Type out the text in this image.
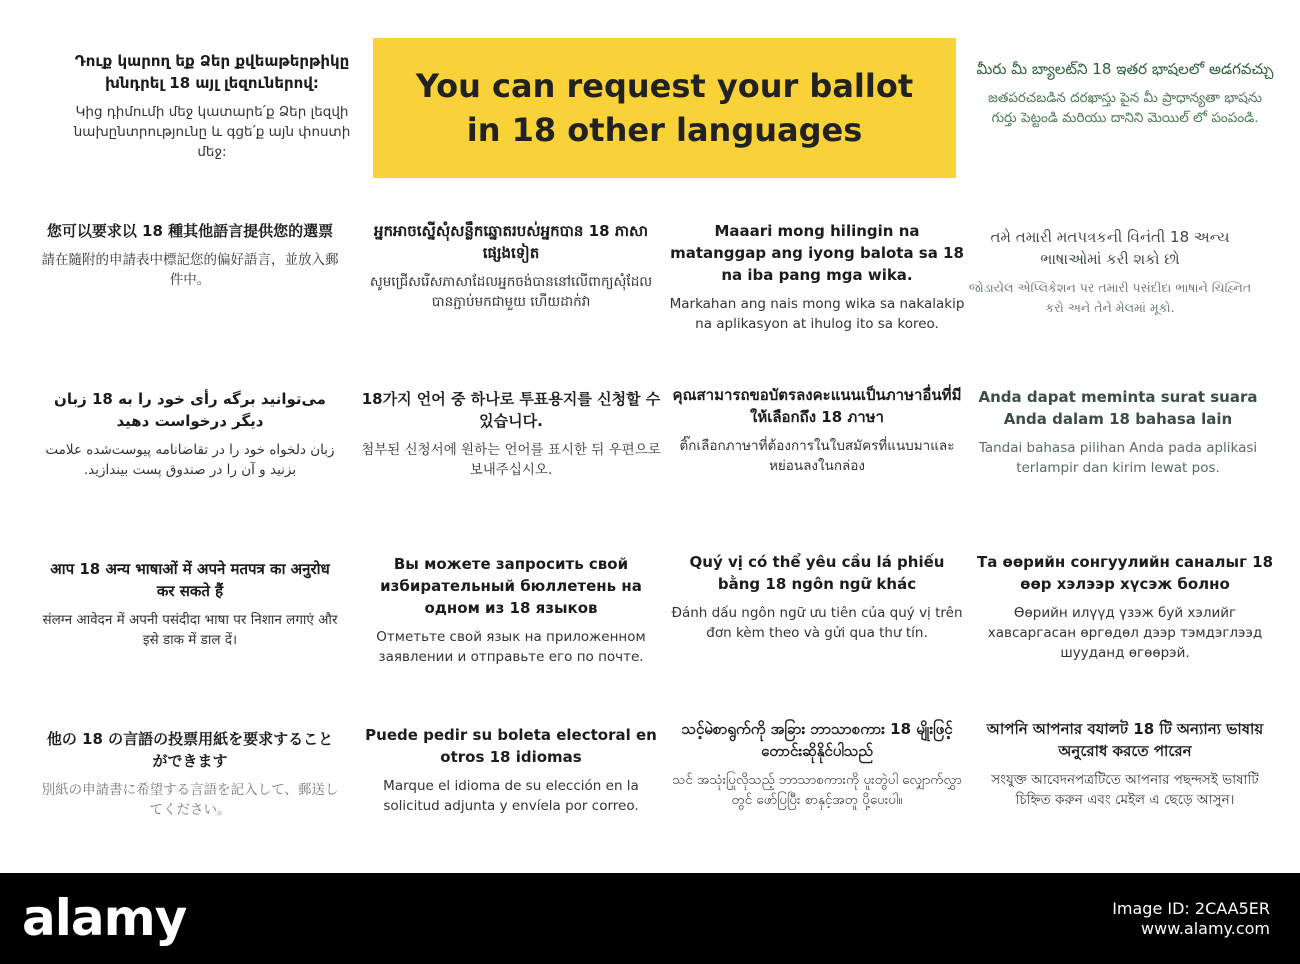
Դուք կարող եք Ձեր քվեաթերթիկը խնդրել 18 այլ լեզուներով:
Կից դիմումի մեջ կատարե՛ք Ձեր լեզվի նախընտրությունը և գցե՛ք այն փոստի մեջ:
You can request your ballot in 18 other languages
మీరు మీ బ్యాలట్‌ని 18 ఇతర భాషలలో అడగవచ్చు
జతపరచబడిన దరఖాస్తు పైన మీ ప్రాధాన్యతా భాషను గుర్తు పెట్టండి మరియు దానిని మెయిల్ లో పంపండి.
您可以要求以 18 種其他語言提供您的選票
請在隨附的申請表中標記您的偏好語言，並放入郵件中。
អ្នកអាចស្នើសុំសន្លឹកឆ្នោតរបស់អ្នកបាន 18 ភាសាផ្សេងទៀត
សូមជ្រើសរើសភាសាដែលអ្នកចង់បាននៅលើពាក្យសុំដែលបានភ្ជាប់មកជាមួយ ហើយដាក់វា
Maaari mong hilingin na matanggap ang iyong balota sa 18 na iba pang mga wika.
Markahan ang nais mong wika sa nakalakip na aplikasyon at ihulog ito sa koreo.
તમે તમારી મતપત્રકની વિનંતી 18 અન્ય ભાષાઓમાં કરી શકો છો
જોડાયેલ એપ્લિકેશન પર તમારી પસંદીદા ભાષાને ચિહ્નિત કરો અને તેને મેલમાં મૂકો.
می‌توانید برگه رأی خود را به 18 زبان دیگر درخواست دهید
زبان دلخواه خود را در تقاضانامه پیوست‌شده علامت بزنید و آن را در صندوق پست بیندازید.
18가지 언어 중 하나로 투표용지를 신청할 수 있습니다.
첨부된 신청서에 원하는 언어를 표시한 뒤 우편으로 보내주십시오.
คุณสามารถขอบัตรลงคะแนนเป็นภาษาอื่นที่มีให้เลือกถึง 18 ภาษา
ติ๊กเลือกภาษาที่ต้องการในใบสมัครที่แนบมาและหย่อนลงในกล่อง
Anda dapat meminta surat suara Anda dalam 18 bahasa lain
Tandai bahasa pilihan Anda pada aplikasi terlampir dan kirim lewat pos.
आप 18 अन्य भाषाओं में अपने मतपत्र का अनुरोध कर सकते हैं
संलग्न आवेदन में अपनी पसंदीदा भाषा पर निशान लगाएं और इसे डाक में डाल दें।
Вы можете запросить свой избирательный бюллетень на одном из 18 языков
Отметьте свой язык на приложенном заявлении и отправьте его по почте.
Quý vị có thể yêu cầu lá phiếu bằng 18 ngôn ngữ khác
Đánh dấu ngôn ngữ ưu tiên của quý vị trên đơn kèm theo và gửi qua thư tín.
Та өөрийн сонгуулийн саналыг 18 өөр хэлээр хүсэж болно
Өөрийн илүүд үзэж буй хэлийг хавсаргасан өргөдөл дээр тэмдэглээд шууданд өгөөрэй.
他の 18 の言語の投票用紙を要求することができます
別紙の申請書に希望する言語を記入して、郵送してください。
Puede pedir su boleta electoral en otros 18 idiomas
Marque el idioma de su elección en la solicitud adjunta y envíela por correo.
သင့်မဲစာရွက်ကို အခြား ဘာသာစကား 18 မျိုးဖြင့် တောင်းဆိုနိုင်ပါသည်
သင် အသုံးပြုလိုသည့် ဘာသာစကားကို ပူးတွဲပါ လျှောက်လွှာတွင် ဖော်ပြပြီး စာနှင့်အတူ ပို့ပေးပါ။
আপনি আপনার বযালট 18 টি অন্যান্য ভাষায় অনুরোধ করতে পারেন
সংযুক্ত আবেদনপত্রটিতে আপনার পছন্দসই ভাষাটি চিহ্নিত করুন এবং মেইল এ ছেড়ে আসুন।
alamy	Image ID: 2CAA5ER
www.alamy.com
